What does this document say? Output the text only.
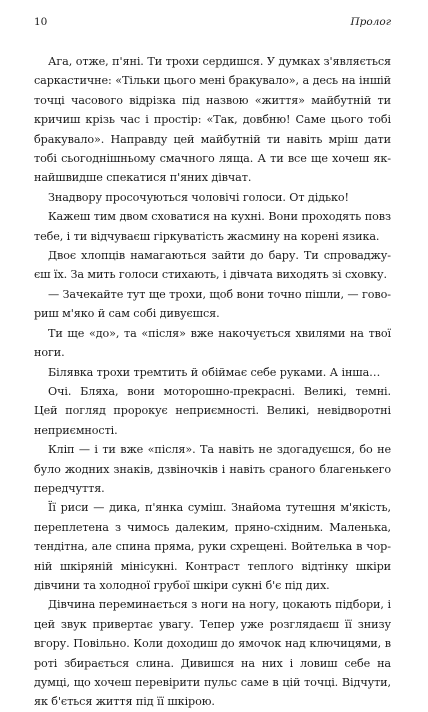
10	Пролог

Ага, отже, п'яні. Ти трохи сердишся. У думках з'являється саркастичне: «Тільки цього мені бракувало», а десь на іншій точці часового відрізка під назвою «життя» майбутній ти кричиш крізь час і простір: «Так, довбню! Саме цього тобі бракувало». Направду цей майбутній ти навіть мріш дати тобі сьогоднішньому смачного ляща. А ти все ще хочеш якнайшвидше спекатися п'яних дівчат.

Знадвору просочуються чоловічі голоси. От дідько!

Кажеш тим двом сховатися на кухні. Вони проходять повз тебе, і ти відчуваєш гіркуватість жасмину на корені язика.

Двоє хлопців намагаються зайти до бару. Ти спроваджуєш їх. За мить голоси стихають, і дівчата виходять зі сховку.

— Зачекайте тут ще трохи, щоб вони точно пішли, — говориш м'яко й сам собі дивуєшся.

Ти ще «до», та «після» вже накочується хвилями на твої ноги.

Білявка трохи тремтить й обіймає себе руками. А інша…

Очі. Бляха, вони моторошно-прекрасні. Великі, темні. Цей погляд пророкує неприємності. Великі, невідворотні неприємності.

Кліп — і ти вже «після». Та навіть не здогадуєшся, бо не було жодних знаків, дзвіночків і навіть сраного благенькего передчуття.

Її риси — дика, п'янка суміш. Знайома тутешня м'якість, переплетена з чимось далеким, пряно-східним. Маленька, тендітна, але спина пряма, руки схрещені. Войтелька в чорній шкіряній мінісукні. Контраст теплого відтінку шкіри дівчини та холодної грубої шкіри сукні б'є під дих.

Дівчина переминається з ноги на ногу, цокають підбори, і цей звук привертає увагу. Тепер уже розглядаєш її знизу вгору. Повільно. Коли доходиш до ямочок над ключицями, в роті збирається слина. Дивишся на них і ловиш себе на думці, що хочеш перевірити пульс саме в цій точці. Відчути, як б'ється життя під її шкірою.
